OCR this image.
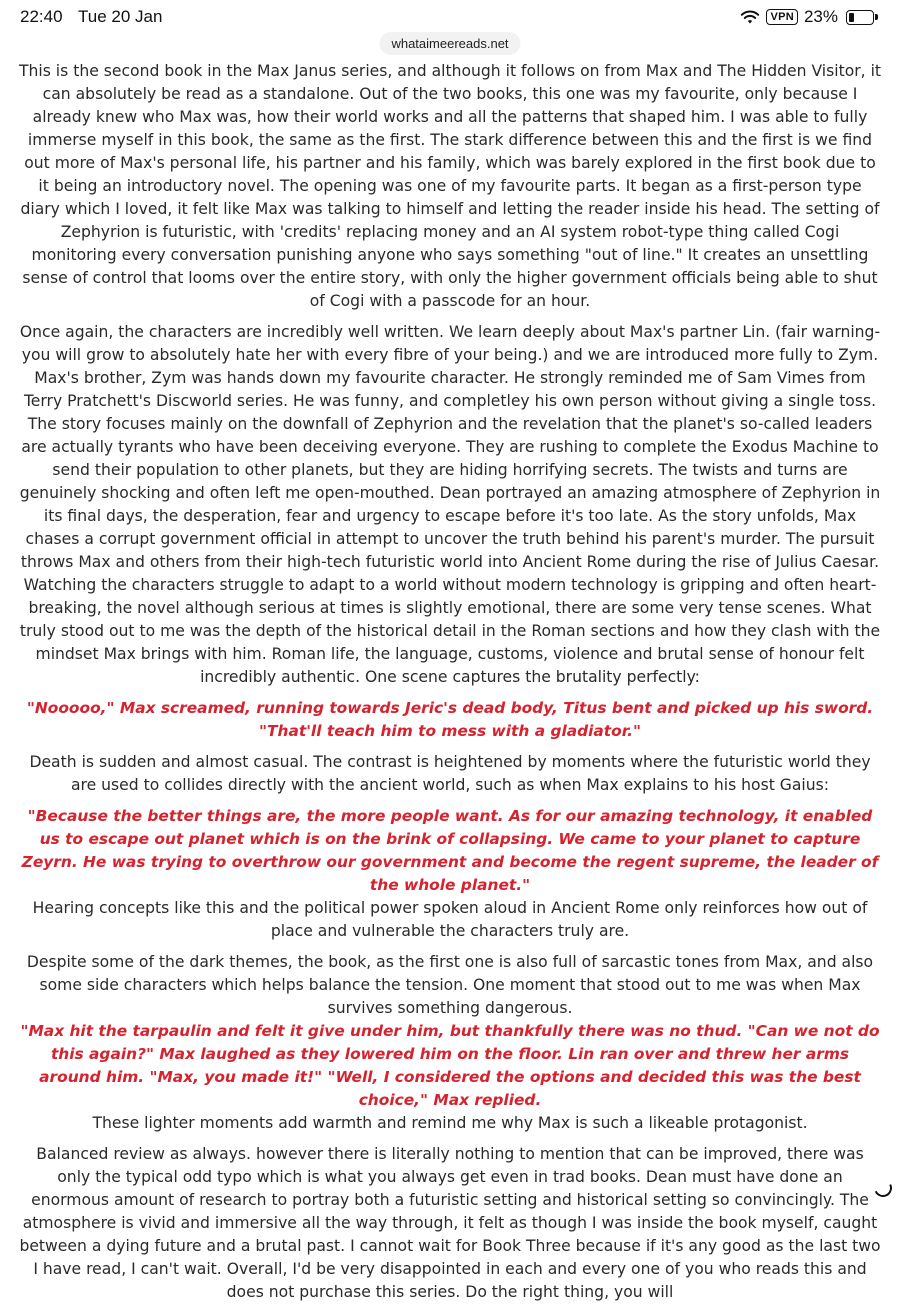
22:40 Tue 20 Jan	VPN 23%
whataimeereads.net

This is the second book in the Max Janus series, and although it follows on from Max and The Hidden Visitor, it can absolutely be read as a standalone. Out of the two books, this one was my favourite, only because I already knew who Max was, how their world works and all the patterns that shaped him. I was able to fully immerse myself in this book, the same as the first. The stark difference between this and the first is we find out more of Max's personal life, his partner and his family, which was barely explored in the first book due to it being an introductory novel. The opening was one of my favourite parts. It began as a first-person type diary which I loved, it felt like Max was talking to himself and letting the reader inside his head. The setting of Zephyrion is futuristic, with 'credits' replacing money and an AI system robot-type thing called Cogi monitoring every conversation punishing anyone who says something "out of line." It creates an unsettling sense of control that looms over the entire story, with only the higher government officials being able to shut of Cogi with a passcode for an hour.

Once again, the characters are incredibly well written. We learn deeply about Max's partner Lin. (fair warning- you will grow to absolutely hate her with every fibre of your being.) and we are introduced more fully to Zym. Max's brother, Zym was hands down my favourite character. He strongly reminded me of Sam Vimes from Terry Pratchett's Discworld series. He was funny, and completley his own person without giving a single toss. The story focuses mainly on the downfall of Zephyrion and the revelation that the planet's so-called leaders are actually tyrants who have been deceiving everyone. They are rushing to complete the Exodus Machine to send their population to other planets, but they are hiding horrifying secrets. The twists and turns are genuinely shocking and often left me open-mouthed. Dean portrayed an amazing atmosphere of Zephyrion in its final days, the desperation, fear and urgency to escape before it's too late. As the story unfolds, Max chases a corrupt government official in attempt to uncover the truth behind his parent's murder. The pursuit throws Max and others from their high-tech futuristic world into Ancient Rome during the rise of Julius Caesar. Watching the characters struggle to adapt to a world without modern technology is gripping and often heart-breaking, the novel although serious at times is slightly emotional, there are some very tense scenes. What truly stood out to me was the depth of the historical detail in the Roman sections and how they clash with the mindset Max brings with him. Roman life, the language, customs, violence and brutal sense of honour felt incredibly authentic. One scene captures the brutality perfectly:

"Nooooo," Max screamed, running towards Jeric's dead body, Titus bent and picked up his sword. "That'll teach him to mess with a gladiator."

Death is sudden and almost casual. The contrast is heightened by moments where the futuristic world they are used to collides directly with the ancient world, such as when Max explains to his host Gaius:

"Because the better things are, the more people want. As for our amazing technology, it enabled us to escape out planet which is on the brink of collapsing. We came to your planet to capture Zeyrn. He was trying to overthrow our government and become the regent supreme, the leader of the whole planet."

Hearing concepts like this and the political power spoken aloud in Ancient Rome only reinforces how out of place and vulnerable the characters truly are.

Despite some of the dark themes, the book, as the first one is also full of sarcastic tones from Max, and also some side characters which helps balance the tension. One moment that stood out to me was when Max survives something dangerous.

"Max hit the tarpaulin and felt it give under him, but thankfully there was no thud. "Can we not do this again?" Max laughed as they lowered him on the floor. Lin ran over and threw her arms around him. "Max, you made it!" "Well, I considered the options and decided this was the best choice," Max replied.

These lighter moments add warmth and remind me why Max is such a likeable protagonist.

Balanced review as always. however there is literally nothing to mention that can be improved, there was only the typical odd typo which is what you always get even in trad books. Dean must have done an enormous amount of research to portray both a futuristic setting and historical setting so convincingly. The atmosphere is vivid and immersive all the way through, it felt as though I was inside the book myself, caught between a dying future and a brutal past. I cannot wait for Book Three because if it's any good as the last two I have read, I can't wait. Overall, I'd be very disappointed in each and every one of you who reads this and does not purchase this series. Do the right thing, you will
